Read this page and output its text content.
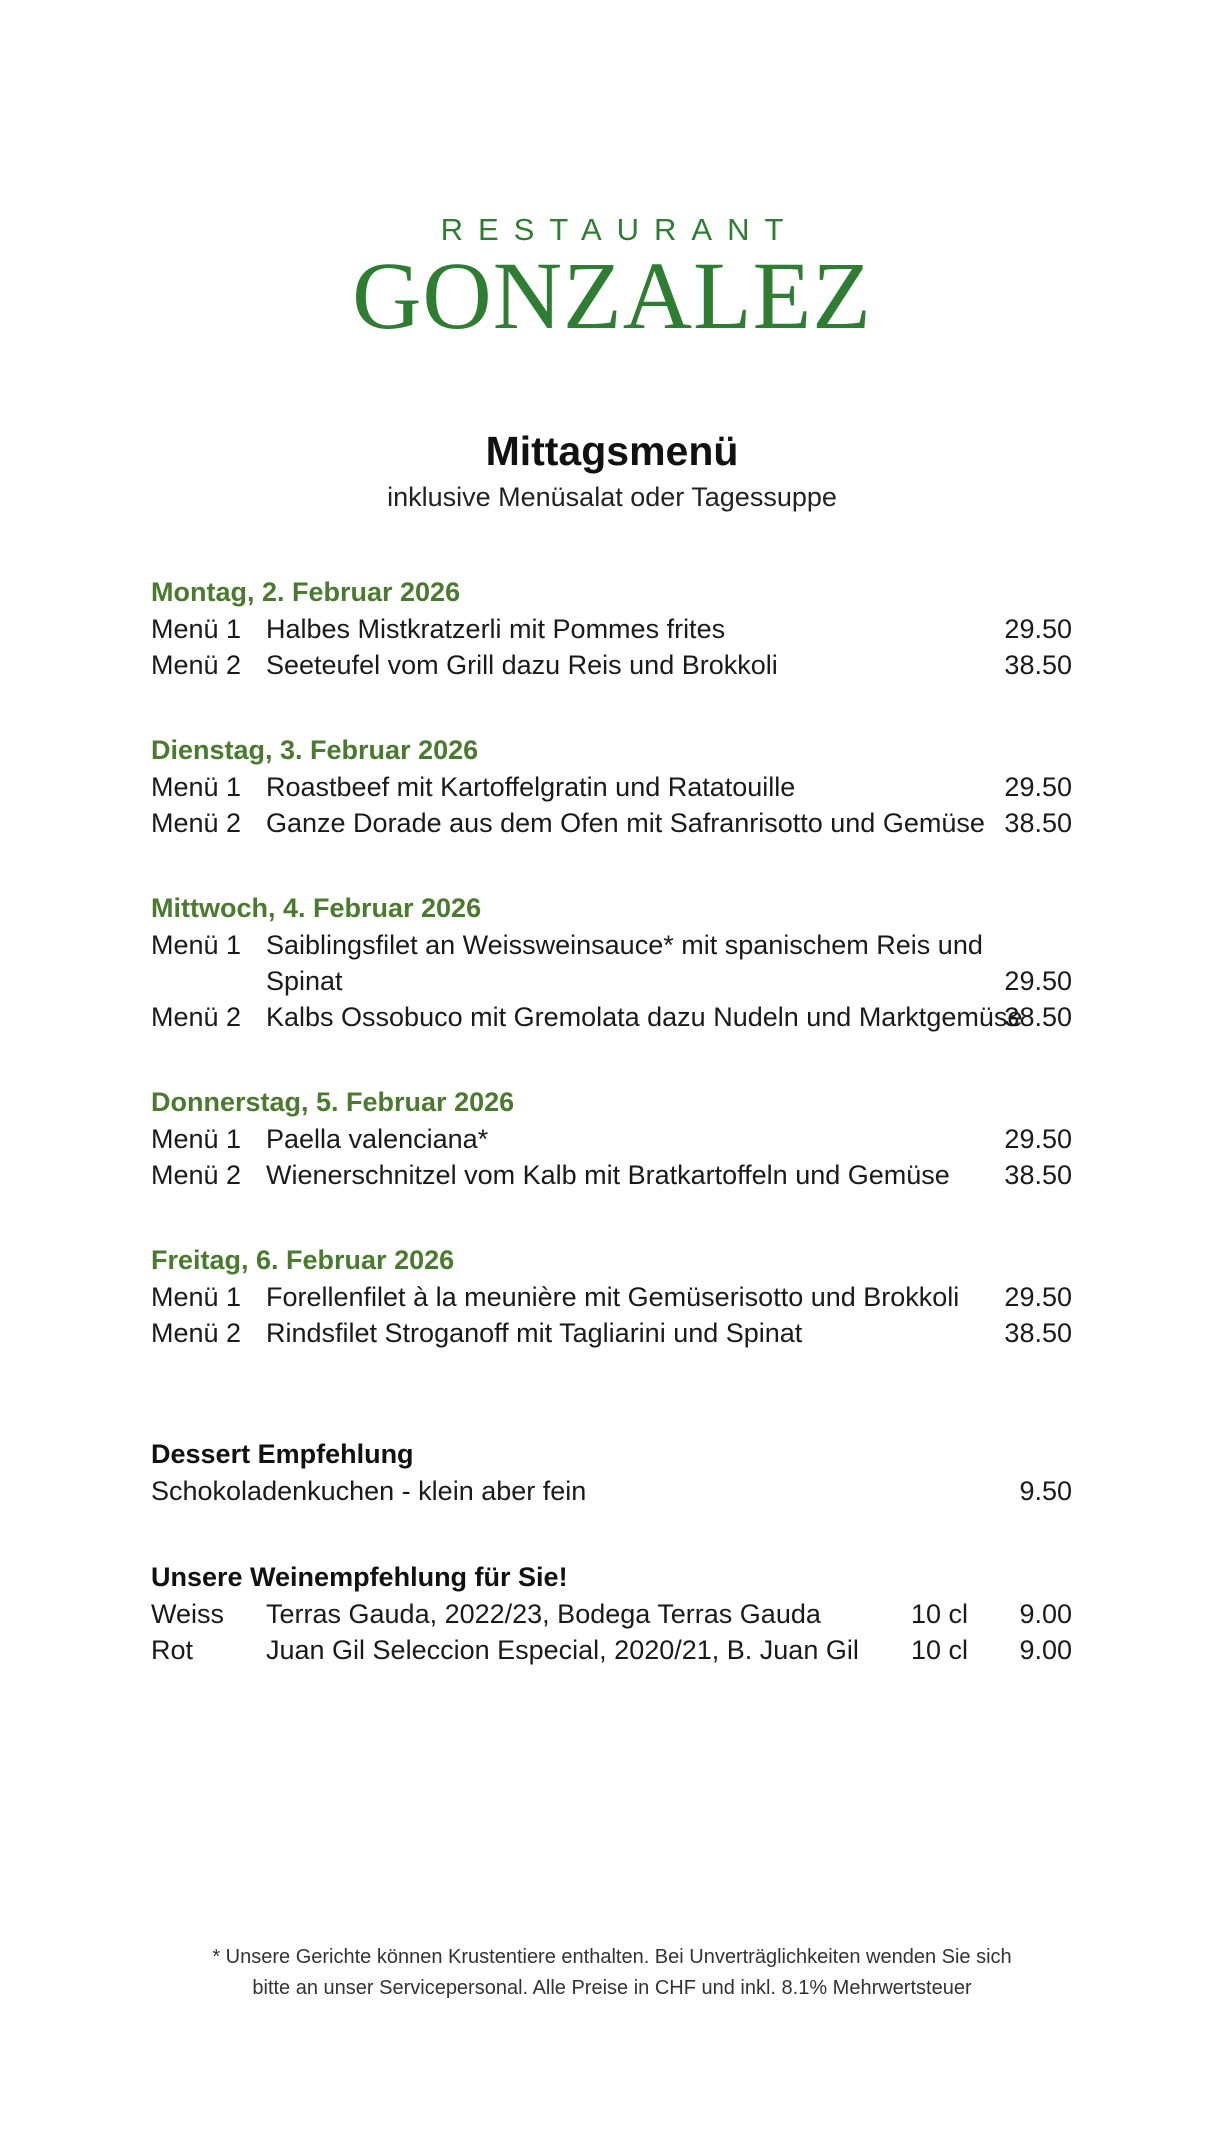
RESTAURANT
GONZALEZ
Mittagsmenü
inklusive Menüsalat oder Tagessuppe
Montag, 2. Februar 2026
Menü 1 Halbes Mistkratzerli mit Pommes frites	29.50
Menü 2 Seeteufel vom Grill dazu Reis und Brokkoli	38.50
Dienstag, 3. Februar 2026
Menü 1 Roastbeef mit Kartoffelgratin und Ratatouille	29.50
Menü 2 Ganze Dorade aus dem Ofen mit Safranrisotto und Gemüse 38.50
Mittwoch, 4. Februar 2026
Menü 1 Saiblingsfilet an Weissweinsauce* mit spanischem Reis und
Spinat	29.50
Menü 2 Kalbs Ossobuco mit Gremolata dazu Nudeln und Marktgemüse
38.50
Donnerstag, 5. Februar 2026
Menü 1 Paella valenciana*	29.50
Menü 2 Wienerschnitzel vom Kalb mit Bratkartoffeln und Gemüse 38.50
Freitag, 6. Februar 2026
Menü 1 Forellenfilet à la meunière mit Gemüserisotto und Brokkoli 29.50
Menü 2 Rindsfilet Stroganoff mit Tagliarini und Spinat	38.50
Dessert Empfehlung
Schokoladenkuchen - klein aber fein	9.50
Unsere Weinempfehlung für Sie!
Weiss Terras Gauda, 2022/23, Bodega Terras Gauda	10 cl 9.00
Rot	Juan Gil Seleccion Especial, 2020/21, B. Juan Gil 10 cl 9.00
* Unsere Gerichte können Krustentiere enthalten. Bei Unverträglichkeiten wenden Sie sich
bitte an unser Servicepersonal. Alle Preise in CHF und inkl. 8.1% Mehrwertsteuer
